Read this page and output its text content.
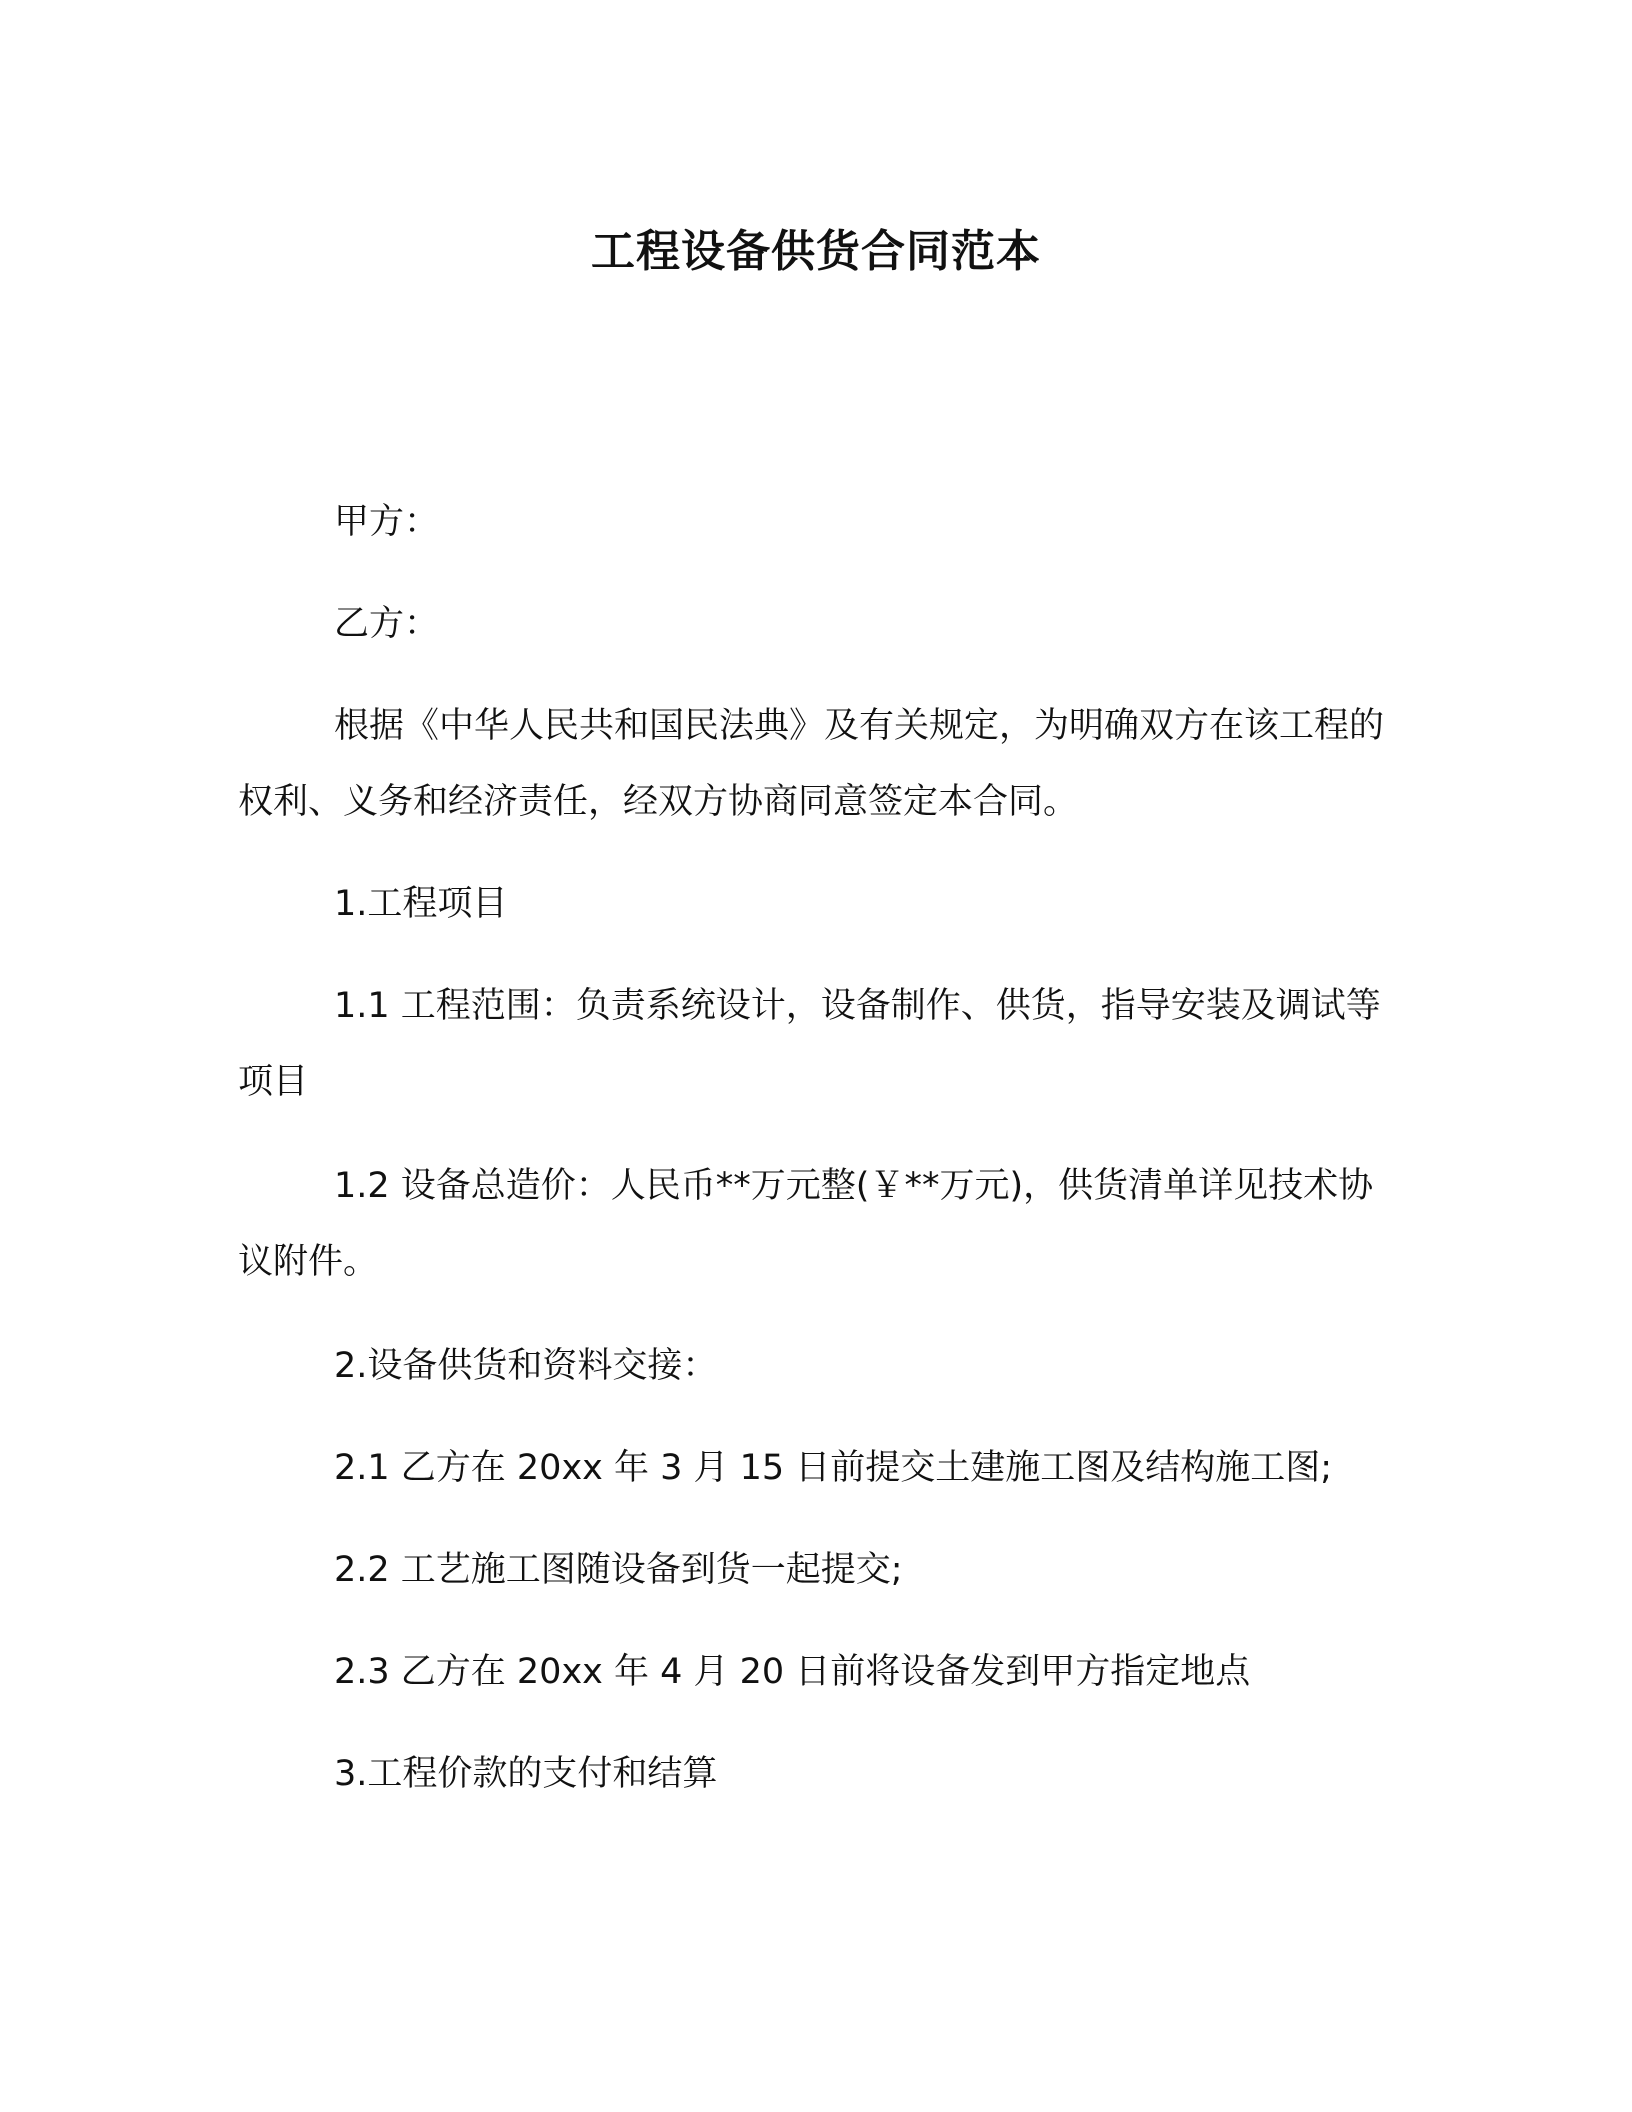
工程设备供货合同范本

甲方：

乙方：

根据《中华人民共和国民法典》及有关规定，为明确双方在该工程的权利、义务和经济责任，经双方协商同意签定本合同。

1.工程项目

1.1 工程范围：负责系统设计，设备制作、供货，指导安装及调试等项目

1.2 设备总造价：人民币**万元整(￥**万元)，供货清单详见技术协议附件。

2.设备供货和资料交接：

2.1 乙方在 20xx 年 3 月 15 日前提交土建施工图及结构施工图;

2.2 工艺施工图随设备到货一起提交;

2.3 乙方在 20xx 年 4 月 20 日前将设备发到甲方指定地点

3.工程价款的支付和结算
